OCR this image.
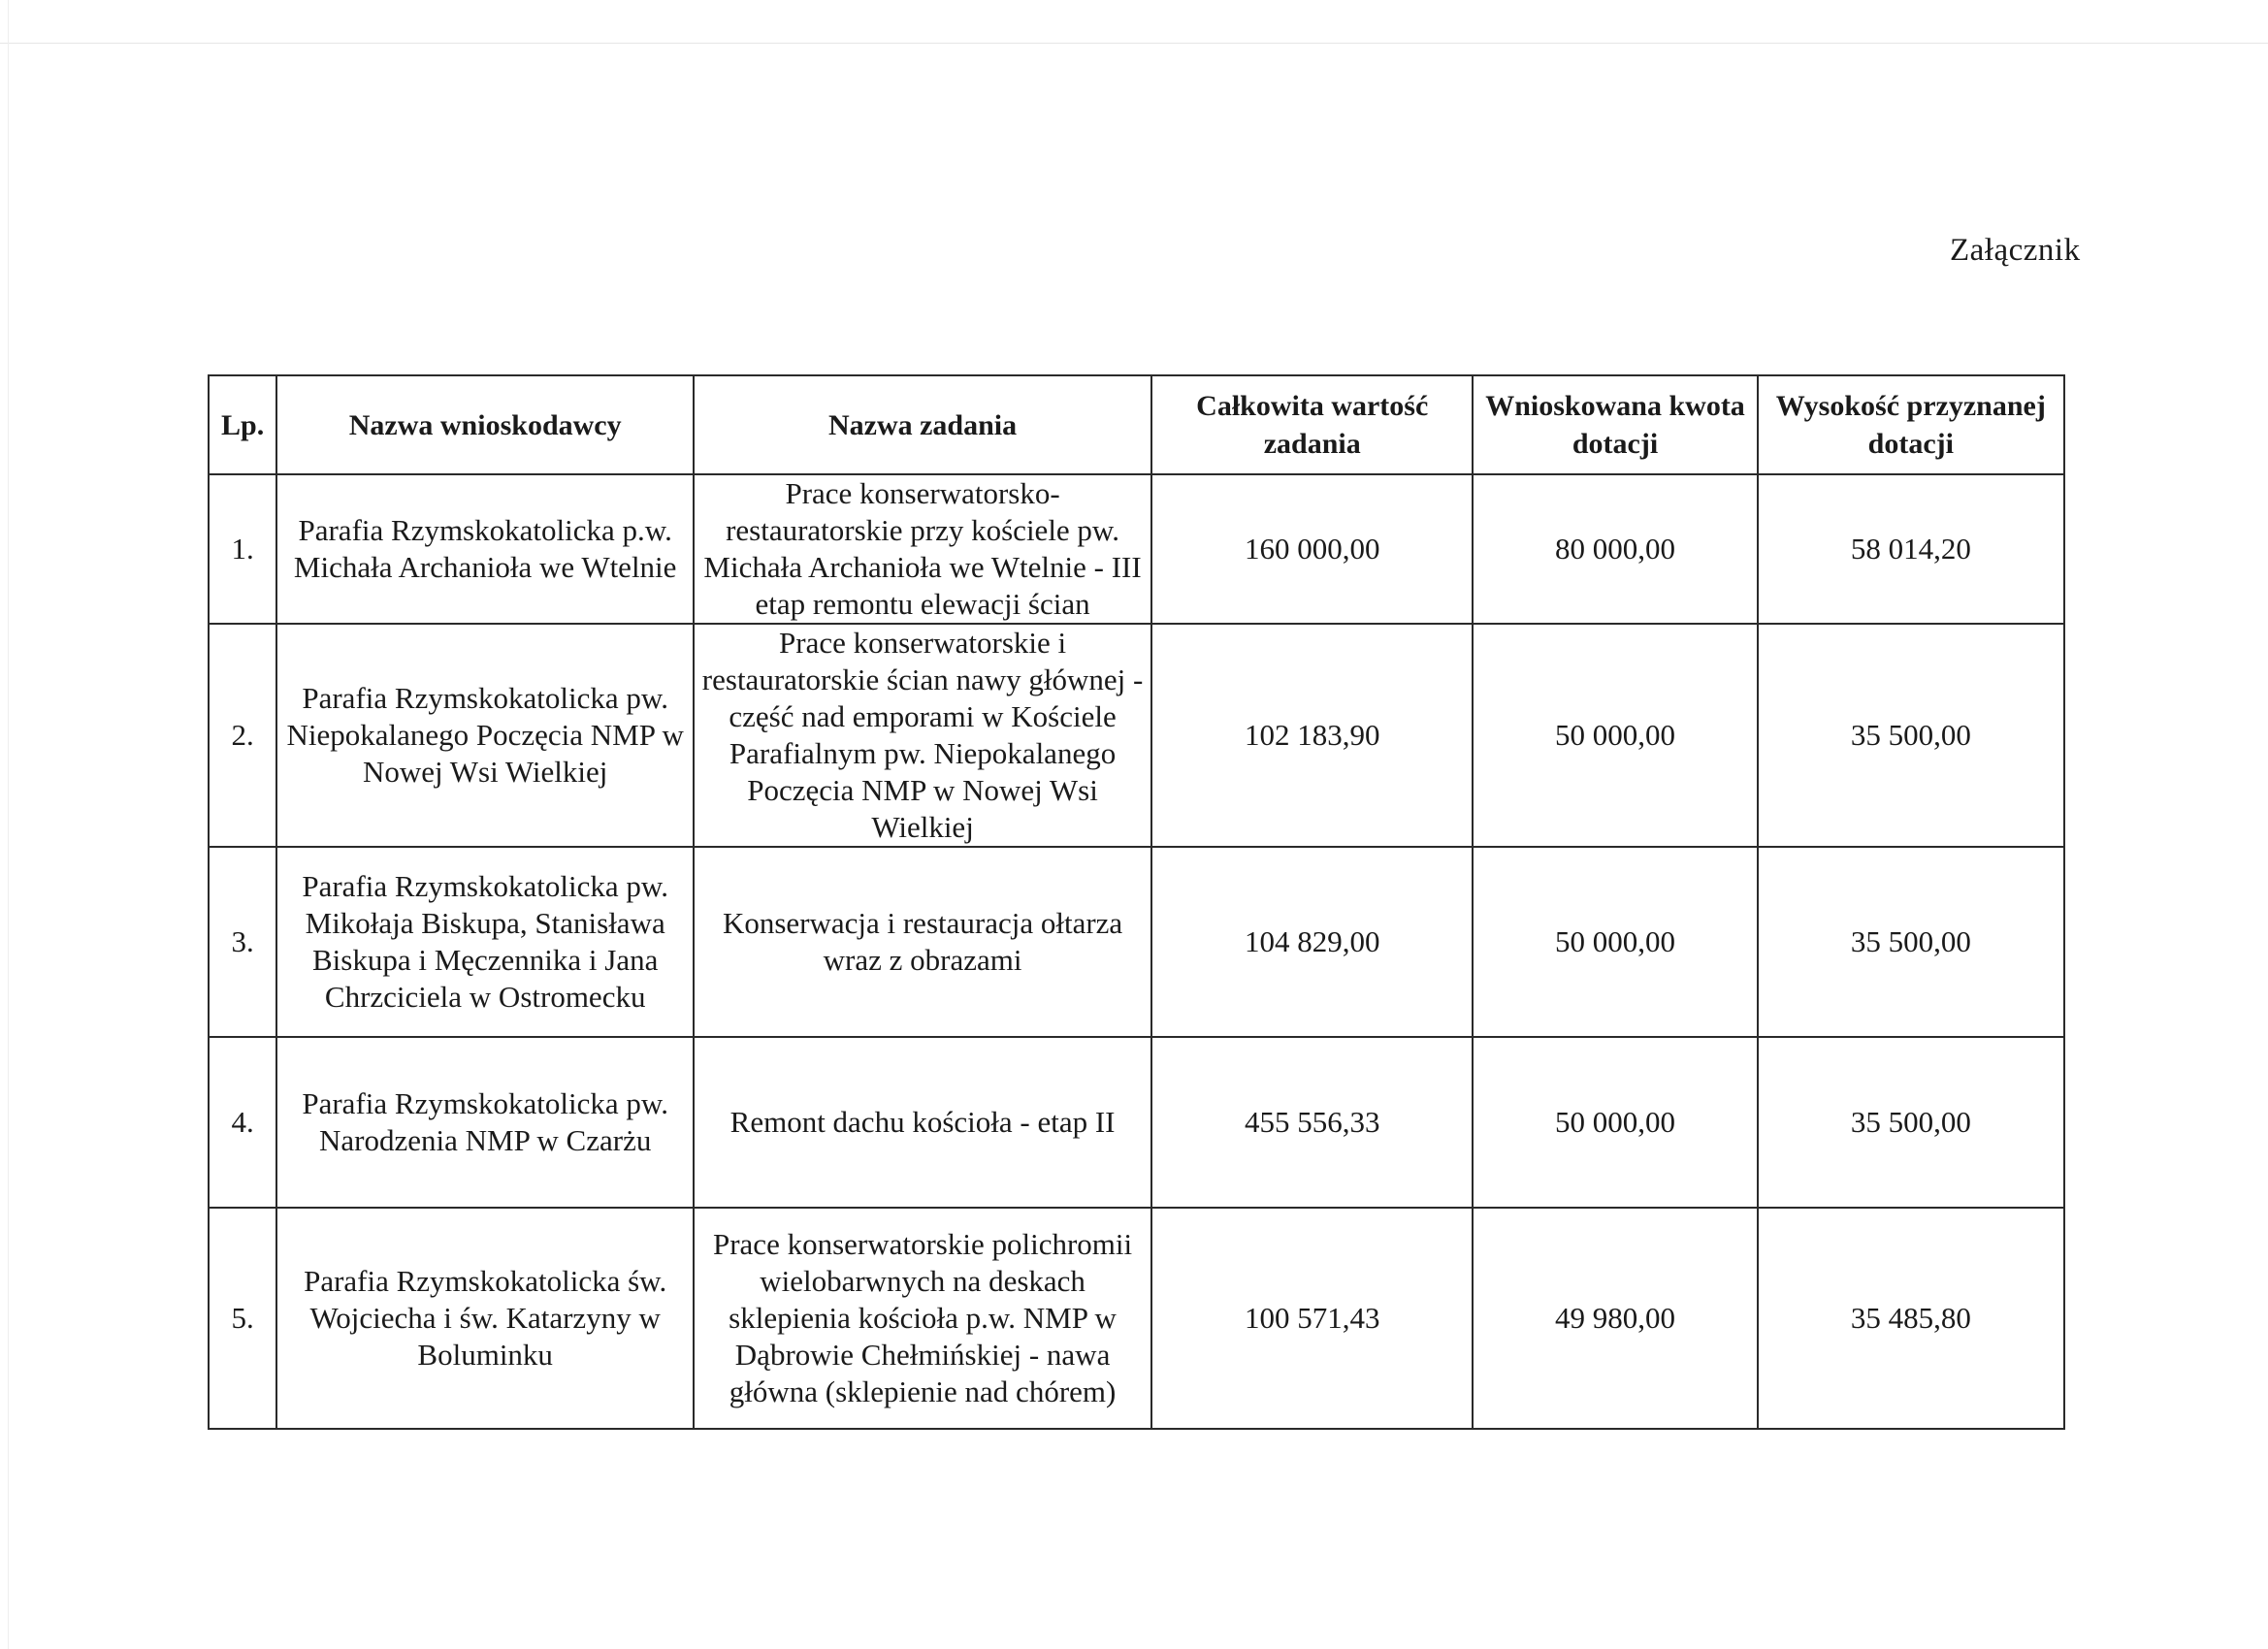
Załącznik
Lp.	Nazwa wnioskodawcy	Nazwa zadania	Całkowita wartość zadania	Wnioskowana kwota dotacji	Wysokość przyznanej dotacji
1.	Parafia Rzymskokatolicka p.w. Michała Archanioła we Wtelnie	Prace konserwatorsko-restauratorskie przy kościele pw. Michała Archanioła we Wtelnie - III etap remontu elewacji ścian	160 000,00	80 000,00	58 014,20
2.	Parafia Rzymskokatolicka pw. Niepokalanego Poczęcia NMP w Nowej Wsi Wielkiej	Prace konserwatorskie i restauratorskie ścian nawy głównej - część nad emporami w Kościele Parafialnym pw. Niepokalanego Poczęcia NMP w Nowej Wsi Wielkiej	102 183,90	50 000,00	35 500,00
3.	Parafia Rzymskokatolicka pw. Mikołaja Biskupa, Stanisława Biskupa i Męczennika i Jana Chrzciciela w Ostromecku	Konserwacja i restauracja ołtarza wraz z obrazami	104 829,00	50 000,00	35 500,00
4.	Parafia Rzymskokatolicka pw. Narodzenia NMP w Czarżu	Remont dachu kościoła - etap II	455 556,33	50 000,00	35 500,00
5.	Parafia Rzymskokatolicka św. Wojciecha i św. Katarzyny w Boluminku	Prace konserwatorskie polichromii wielobarwnych na deskach sklepienia kościoła p.w. NMP w Dąbrowie Chełmińskiej - nawa główna (sklepienie nad chórem)	100 571,43	49 980,00	35 485,80
